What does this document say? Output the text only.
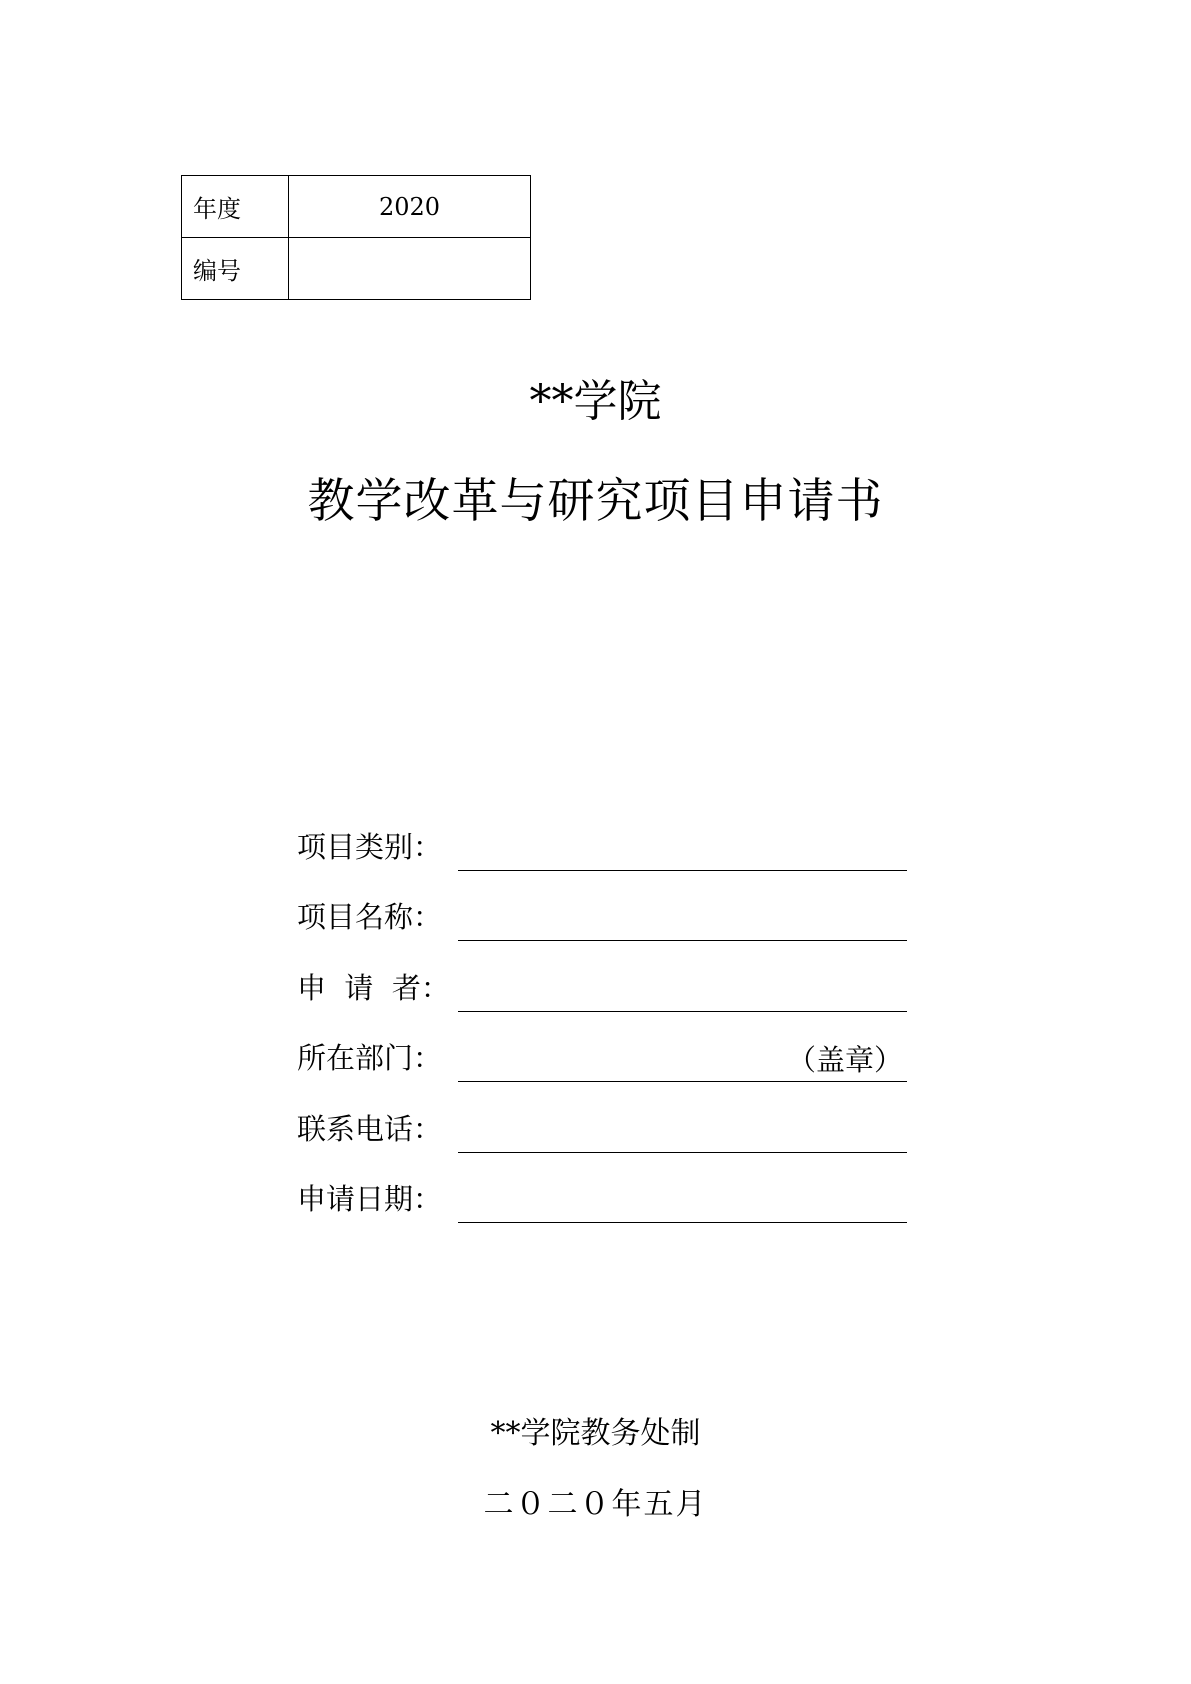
年度	2020
编号	
**学院
教学改革与研究项目申请书
项目类别：
项目名称：
申  请  者：
所在部门：	（盖章）
联系电话：
申请日期：
**学院教务处制
二０二０年五月
